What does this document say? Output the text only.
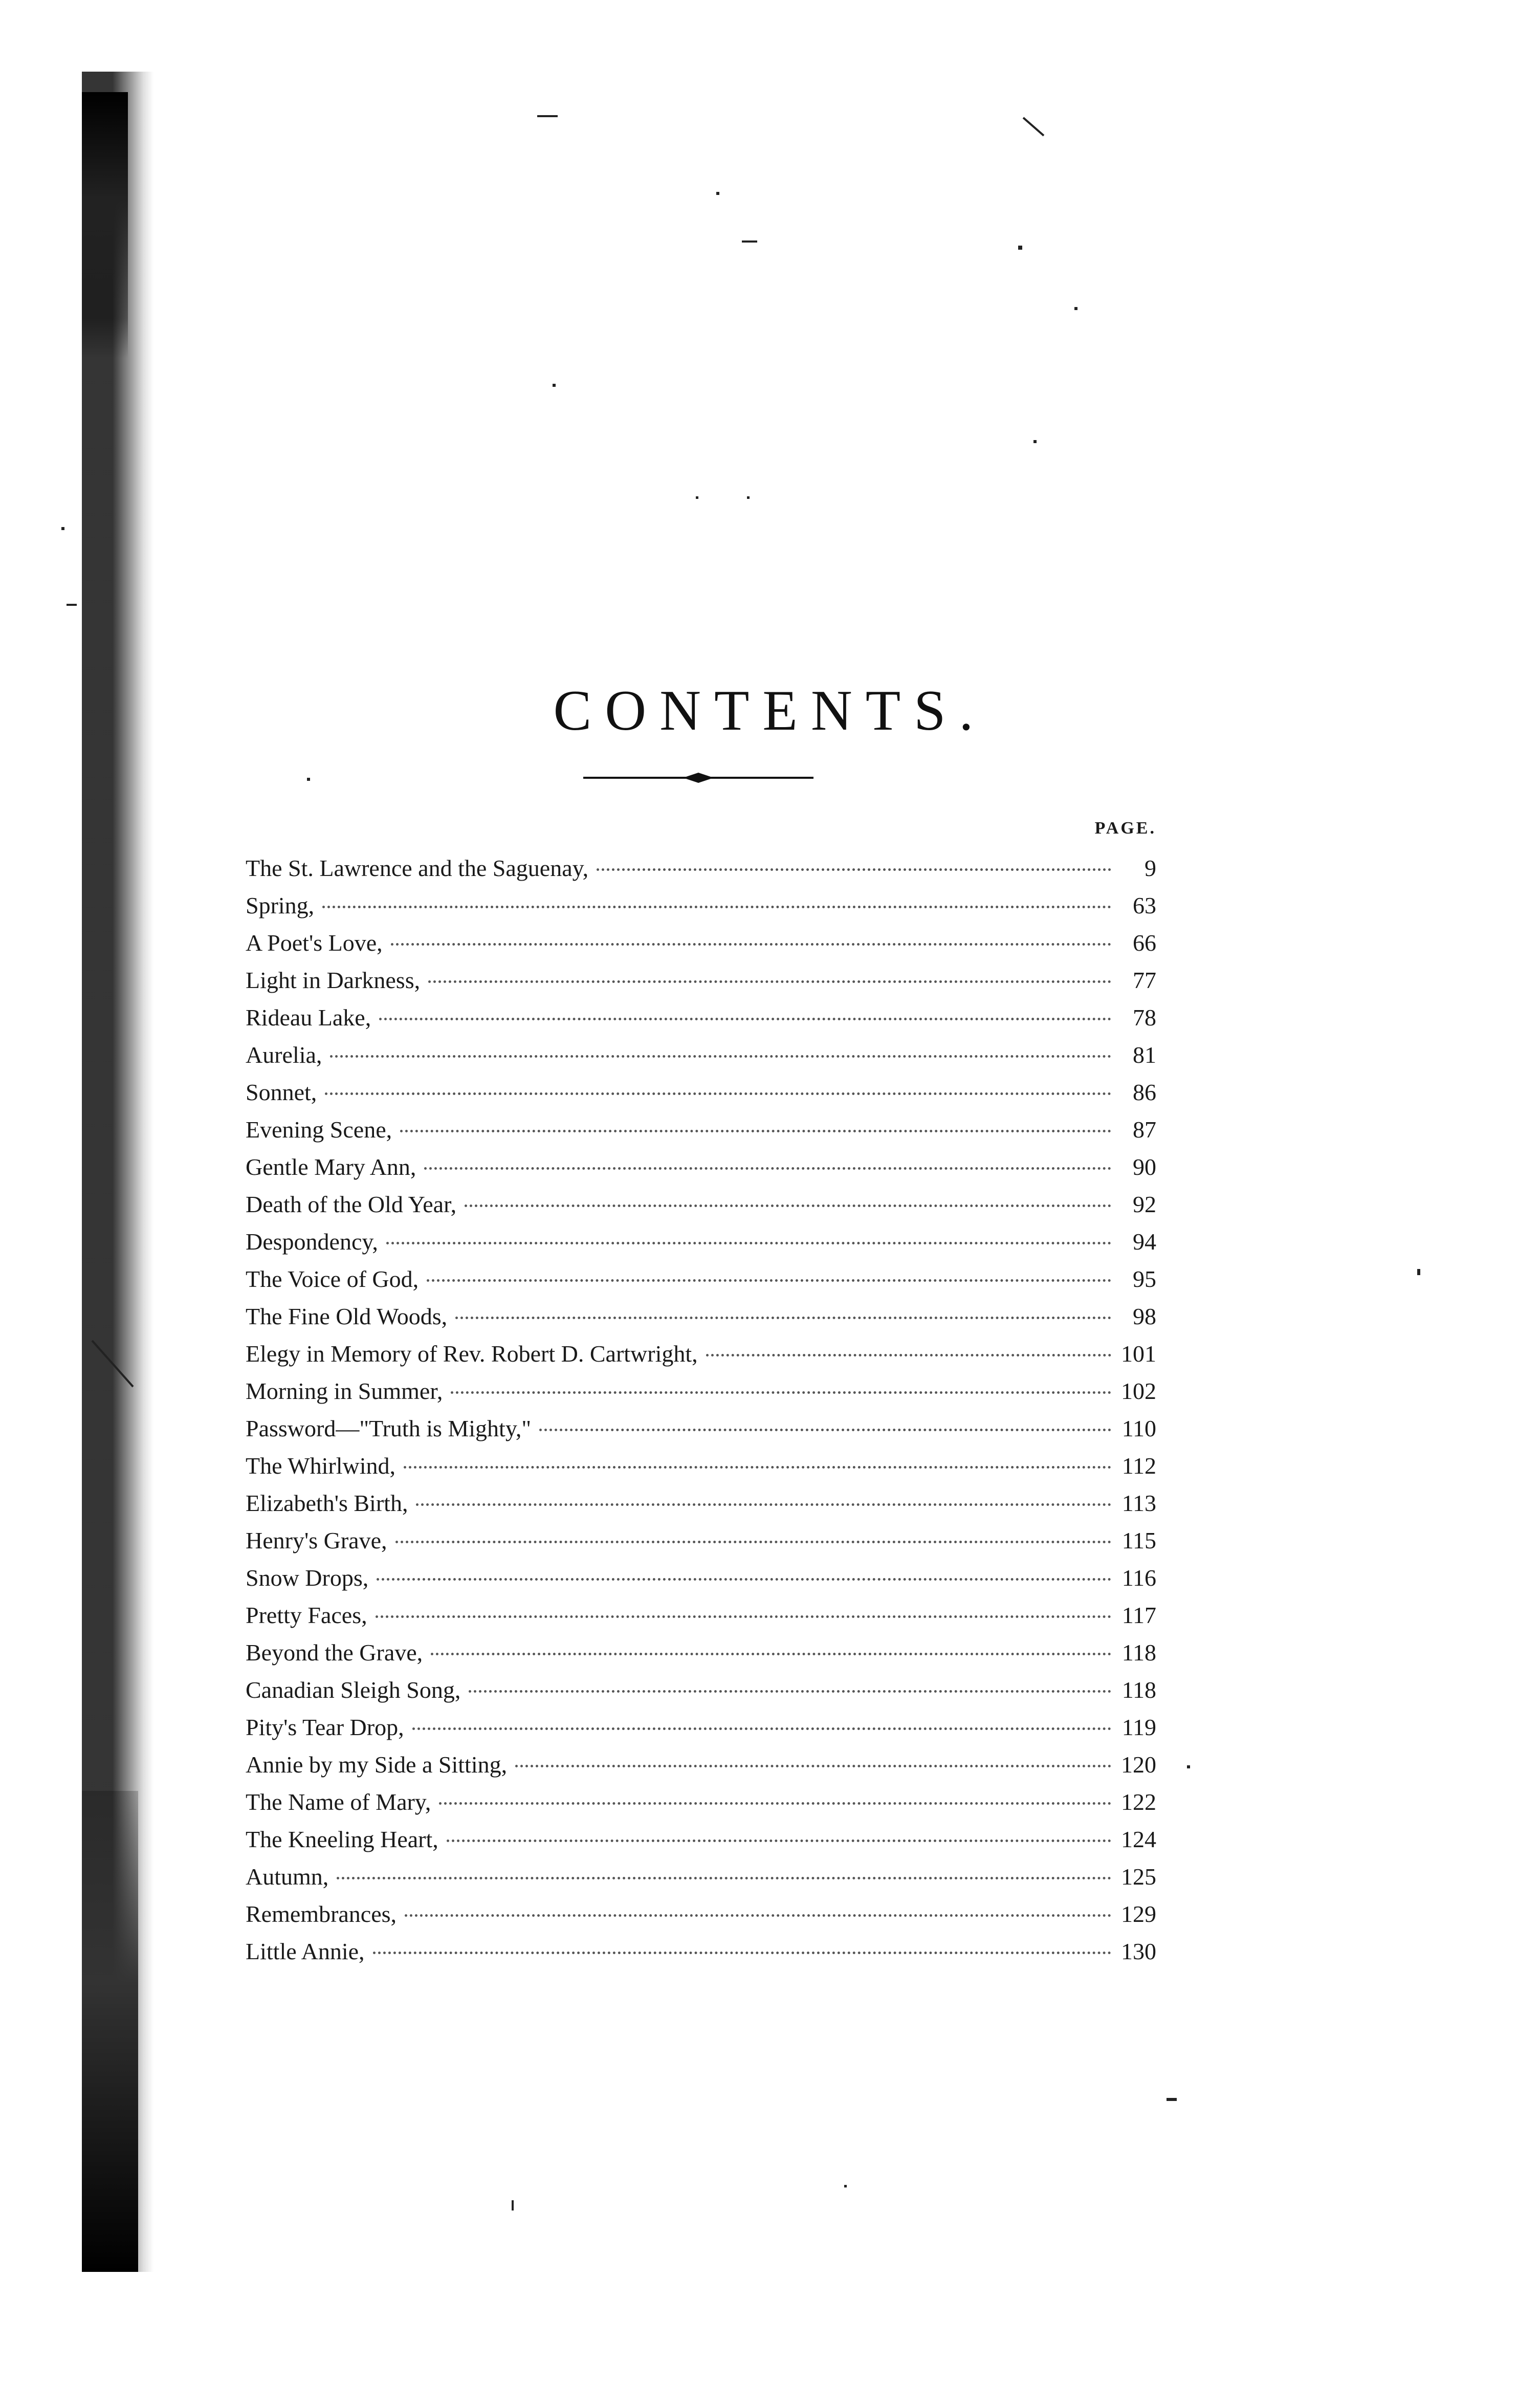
CONTENTS.
PAGE.
The St. Lawrence and the Saguenay,	9
Spring,	63
A Poet's Love,	66
Light in Darkness,	77
Rideau Lake,	78
Aurelia,	81
Sonnet,	86
Evening Scene,	87
Gentle Mary Ann,	90
Death of the Old Year,	92
Despondency,	94
The Voice of God,	95
The Fine Old Woods,	98
Elegy in Memory of Rev. Robert D. Cartwright,	101
Morning in Summer,	102
Password—"Truth is Mighty,"	110
The Whirlwind,	112
Elizabeth's Birth,	113
Henry's Grave,	115
Snow Drops,	116
Pretty Faces,	117
Beyond the Grave,	118
Canadian Sleigh Song,	118
Pity's Tear Drop,	119
Annie by my Side a Sitting,	120
The Name of Mary,	122
The Kneeling Heart,	124
Autumn,	125
Remembrances,	129
Little Annie,	130
